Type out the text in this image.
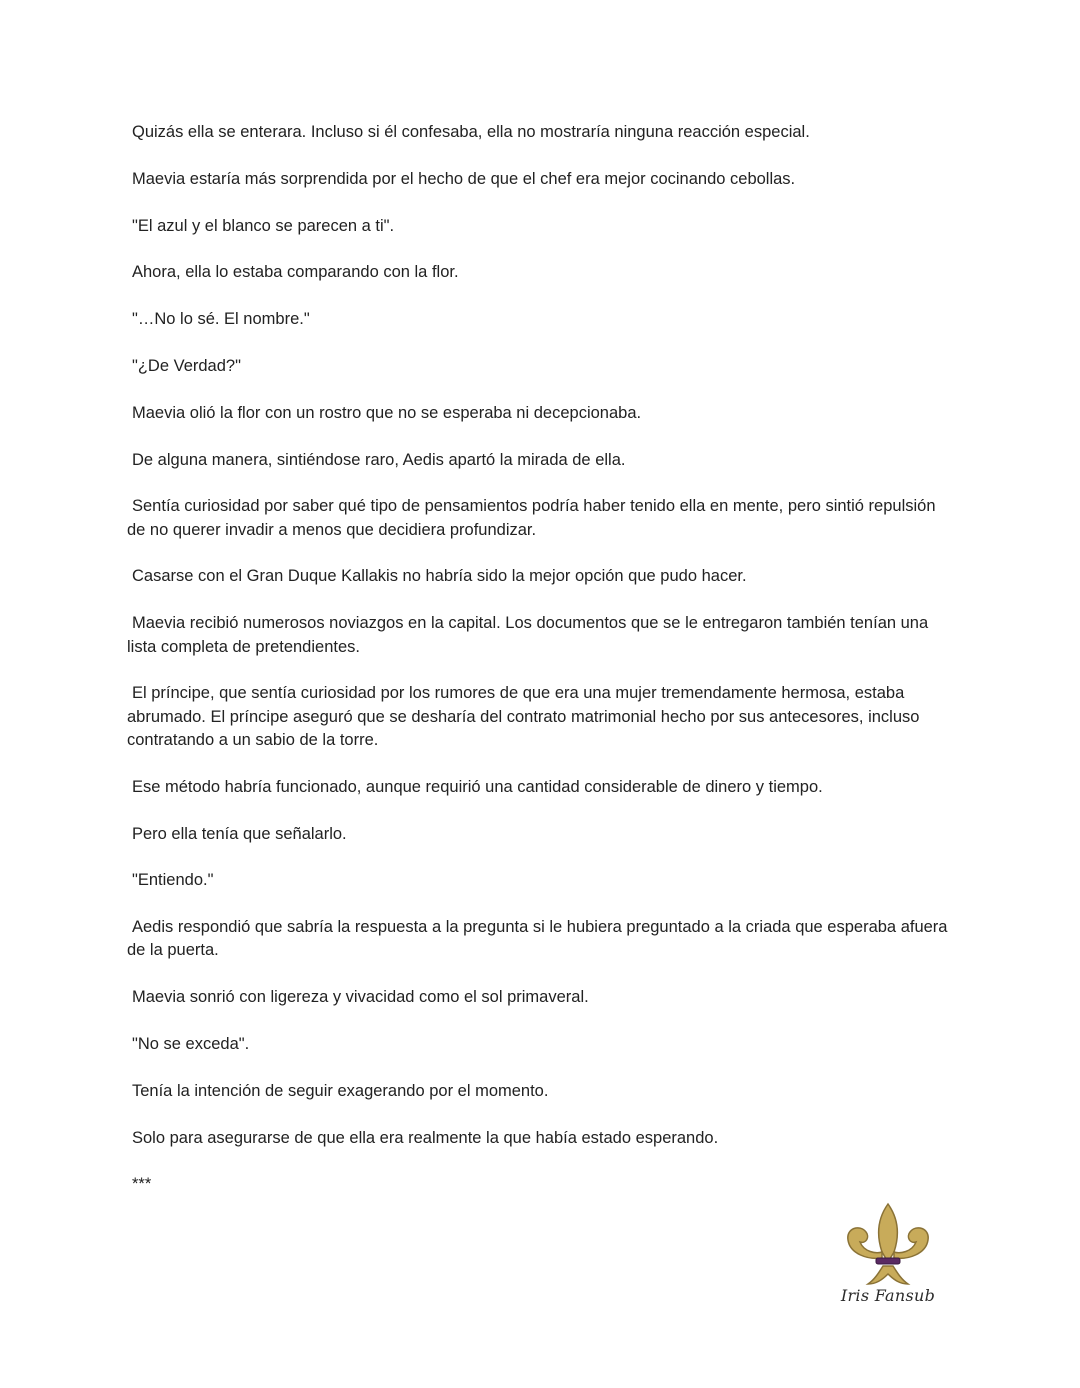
Quizás ella se enterara. Incluso si él confesaba, ella no mostraría ninguna reacción especial.

Maevia estaría más sorprendida por el hecho de que el chef era mejor cocinando cebollas.

"El azul y el blanco se parecen a ti".

Ahora, ella lo estaba comparando con la flor.

"…No lo sé. El nombre."

"¿De Verdad?"

Maevia olió la flor con un rostro que no se esperaba ni decepcionaba.

De alguna manera, sintiéndose raro, Aedis apartó la mirada de ella.

Sentía curiosidad por saber qué tipo de pensamientos podría haber tenido ella en mente, pero sintió repulsión de no querer invadir a menos que decidiera profundizar.

Casarse con el Gran Duque Kallakis no habría sido la mejor opción que pudo hacer.

Maevia recibió numerosos noviazgos en la capital. Los documentos que se le entregaron también tenían una lista completa de pretendientes.

El príncipe, que sentía curiosidad por los rumores de que era una mujer tremendamente hermosa, estaba abrumado. El príncipe aseguró que se desharía del contrato matrimonial hecho por sus antecesores, incluso contratando a un sabio de la torre.

Ese método habría funcionado, aunque requirió una cantidad considerable de dinero y tiempo.

Pero ella tenía que señalarlo.

"Entiendo."

Aedis respondió que sabría la respuesta a la pregunta si le hubiera preguntado a la criada que esperaba afuera de la puerta.

Maevia sonrió con ligereza y vivacidad como el sol primaveral.

"No se exceda".

Tenía la intención de seguir exagerando por el momento.

Solo para asegurarse de que ella era realmente la que había estado esperando.

***

Iris Fansub
